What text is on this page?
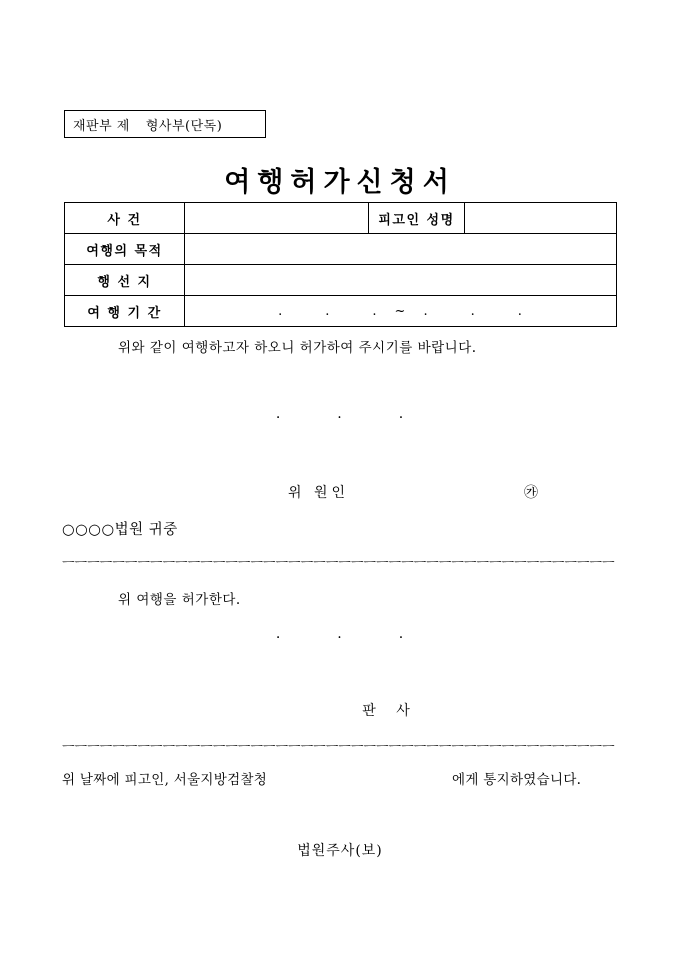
재판부 제 형사부(단독)
여행허가신청서
사 건		피고인 성명	
여행의 목적			
행 선 지			
여 행 기 간	. . . ~ . . .		
위와 같이 여행하고자 하오니 허가하여 주시기를 바랍니다.
.	.	.
위 원인	㉮
○○○○법원 귀중
ㅡㅡㅡㅡㅡㅡㅡㅡㅡㅡㅡㅡㅡㅡㅡㅡㅡㅡㅡㅡㅡㅡㅡㅡㅡㅡㅡㅡㅡㅡㅡㅡㅡㅡㅡㅡㅡㅡㅡㅡㅡㅡㅡㅡ
위 여행을 허가한다.
.	.	.
판 사
ㅡㅡㅡㅡㅡㅡㅡㅡㅡㅡㅡㅡㅡㅡㅡㅡㅡㅡㅡㅡㅡㅡㅡㅡㅡㅡㅡㅡㅡㅡㅡㅡㅡㅡㅡㅡㅡㅡㅡㅡㅡㅡㅡㅡ
위 날짜에 피고인, 서울지방검찰청	에게 통지하였습니다.
법원주사(보)
